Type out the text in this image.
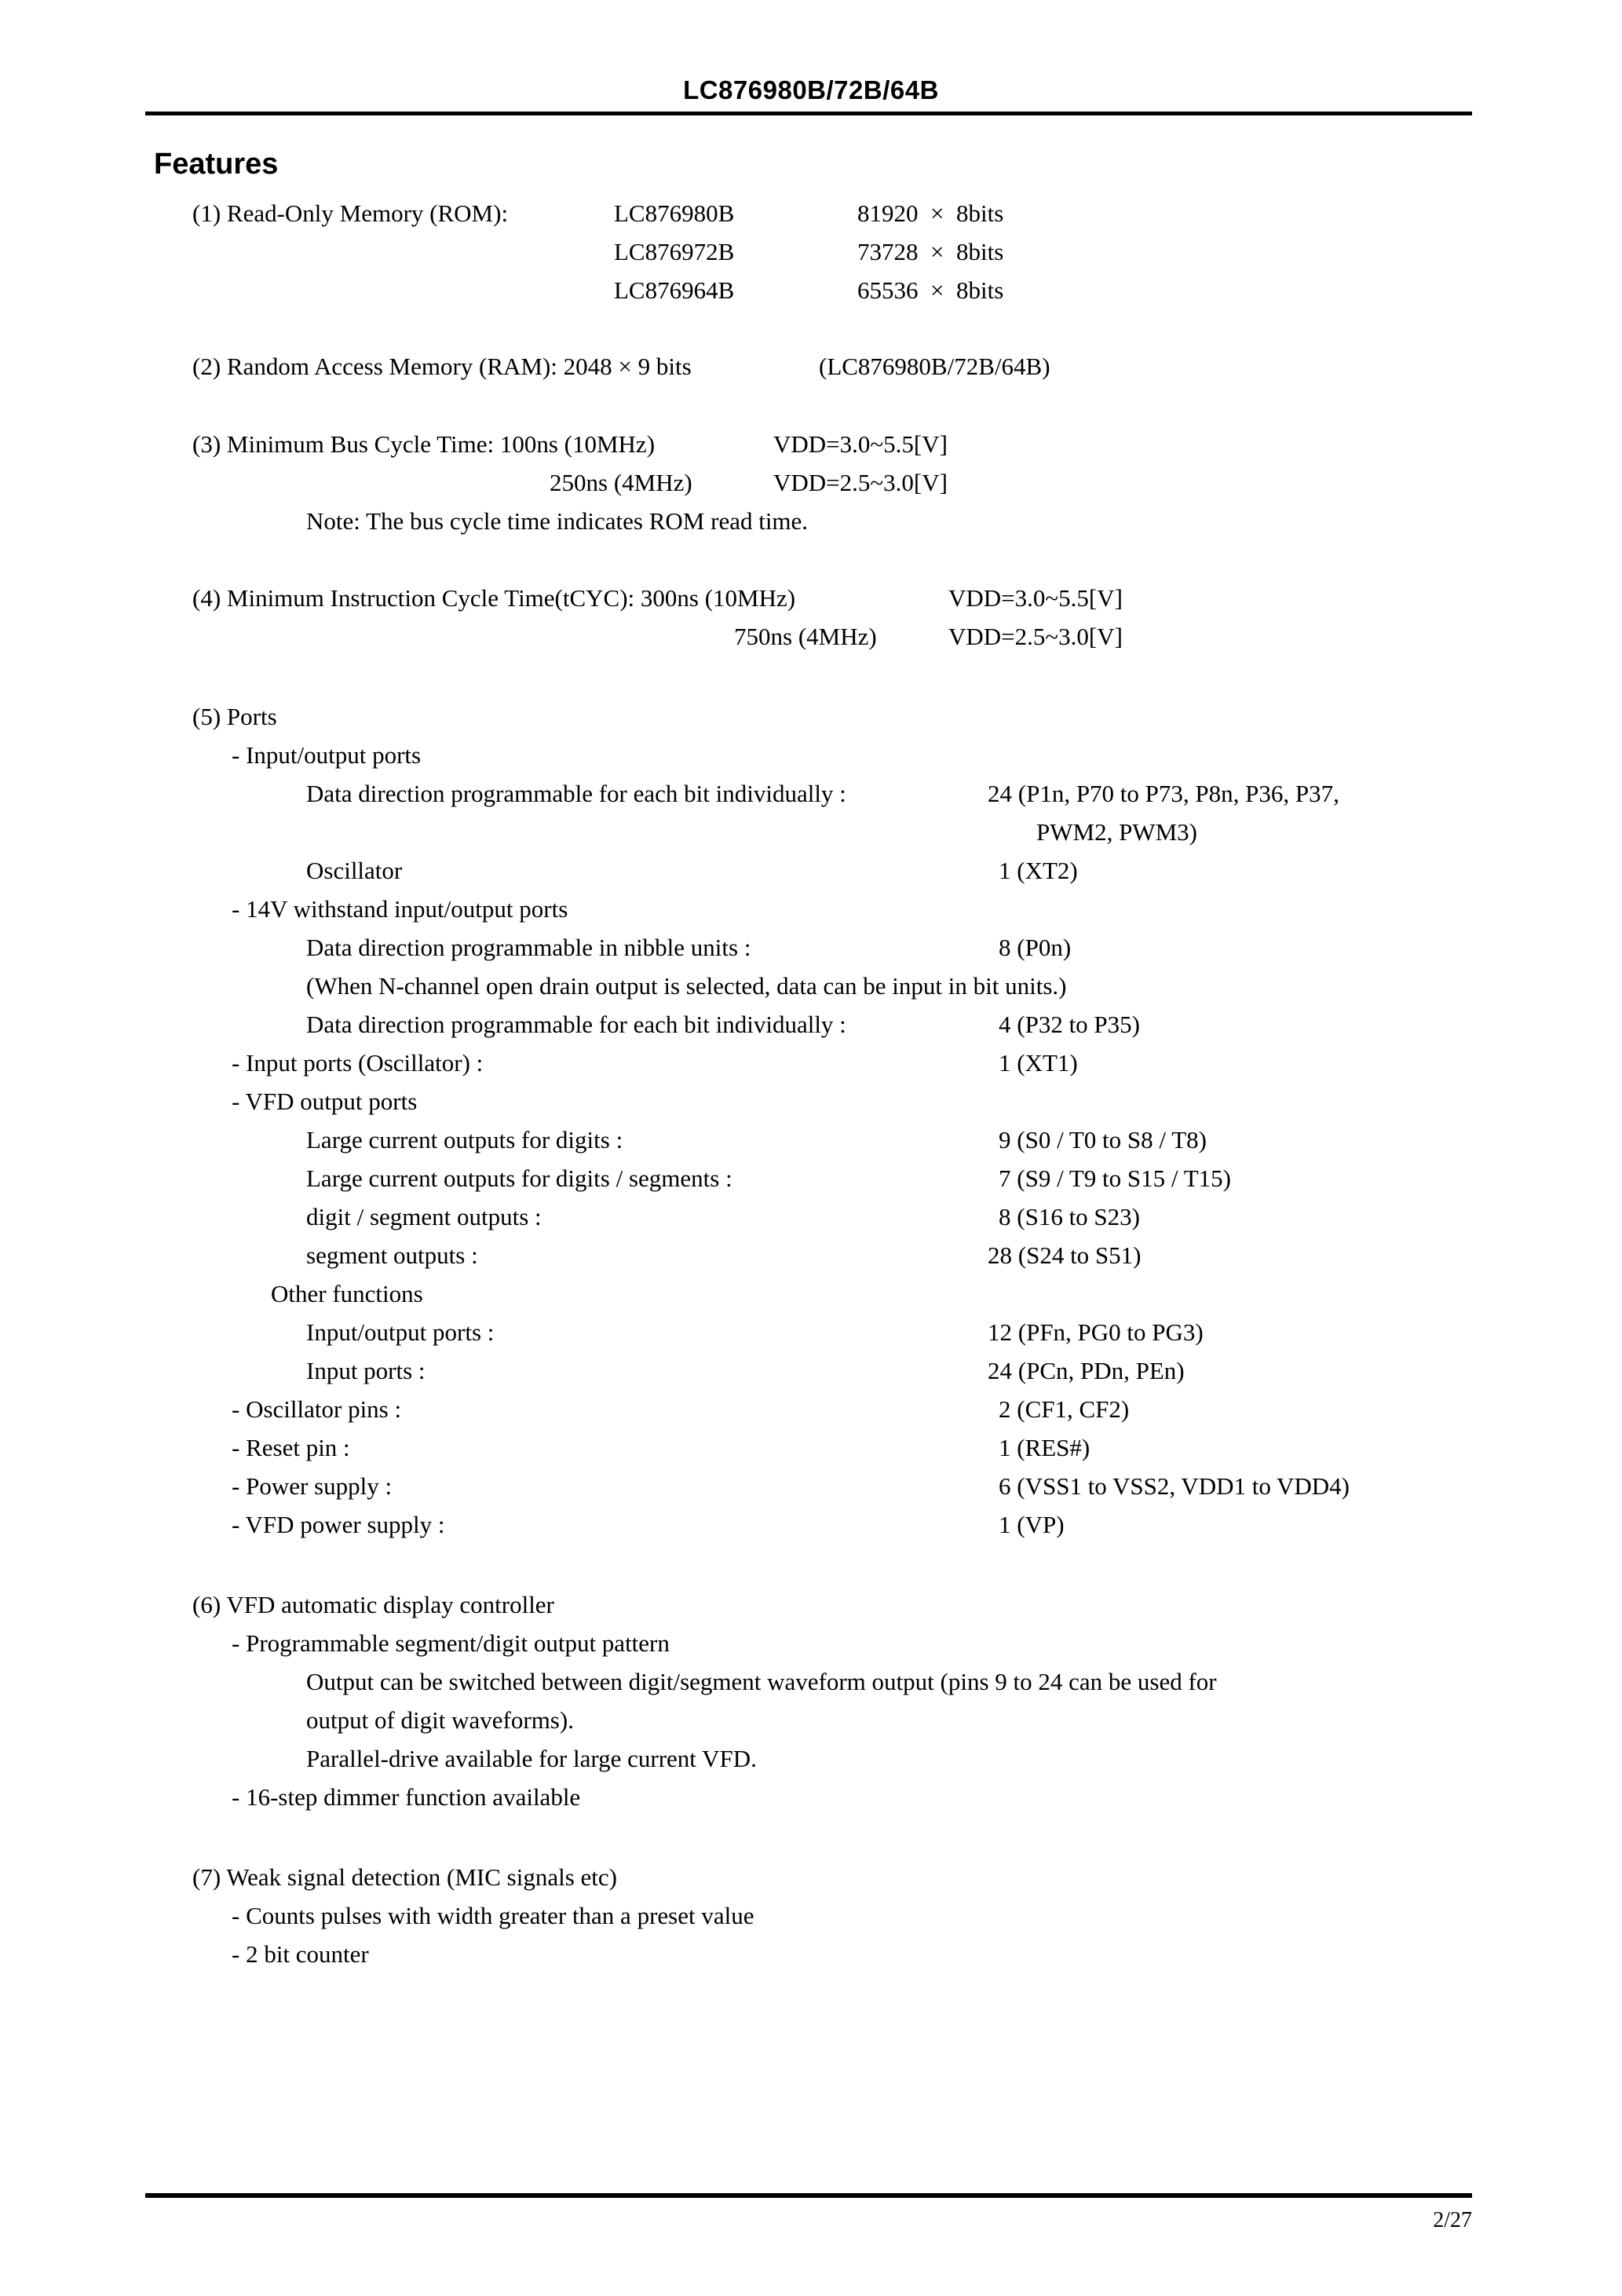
LC876980B/72B/64B
Features
(1) Read-Only Memory (ROM):	LC876980B	81920  ×  8bits
LC876972B	73728  ×  8bits
LC876964B	65536  ×  8bits
(2) Random Access Memory (RAM): 2048 × 9 bits	(LC876980B/72B/64B)
(3) Minimum Bus Cycle Time: 100ns (10MHz)	VDD=3.0~5.5[V]
250ns (4MHz)	VDD=2.5~3.0[V]
Note: The bus cycle time indicates ROM read time.
(4) Minimum Instruction Cycle Time(tCYC): 300ns (10MHz)	VDD=3.0~5.5[V]
750ns (4MHz)	VDD=2.5~3.0[V]
(5) Ports
- Input/output ports
Data direction programmable for each bit individually :	24 (P1n, P70 to P73, P8n, P36, P37,
PWM2, PWM3)
Oscillator	1 (XT2)
- 14V withstand input/output ports
Data direction programmable in nibble units :	8 (P0n)
(When N-channel open drain output is selected, data can be input in bit units.)
Data direction programmable for each bit individually :	4 (P32 to P35)
- Input ports (Oscillator) :	1 (XT1)
- VFD output ports
Large current outputs for digits :	9 (S0 / T0 to S8 / T8)
Large current outputs for digits / segments :	7 (S9 / T9 to S15 / T15)
digit / segment outputs :	8 (S16 to S23)
segment outputs :	28 (S24 to S51)
Other functions
Input/output ports :	12 (PFn, PG0 to PG3)
Input ports :	24 (PCn, PDn, PEn)
- Oscillator pins :	2 (CF1, CF2)
- Reset pin :	1 (RES#)
- Power supply :	6 (VSS1 to VSS2, VDD1 to VDD4)
- VFD power supply :	1 (VP)
(6) VFD automatic display controller
- Programmable segment/digit output pattern
Output can be switched between digit/segment waveform output (pins 9 to 24 can be used for
output of digit waveforms).
Parallel-drive available for large current VFD.
- 16-step dimmer function available
(7) Weak signal detection (MIC signals etc)
- Counts pulses with width greater than a preset value
- 2 bit counter
2/27
